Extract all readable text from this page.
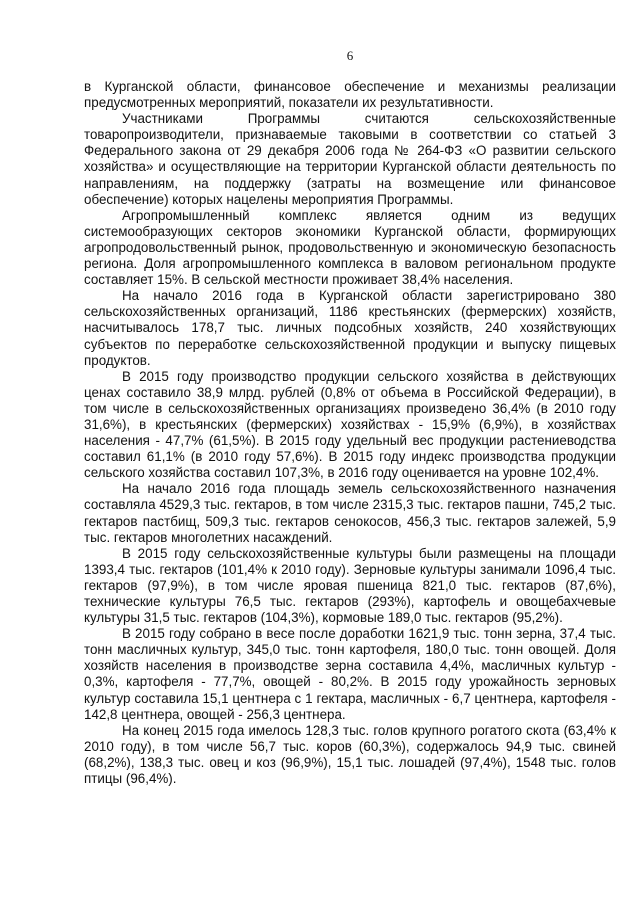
6

в Курганской области, финансовое обеспечение и механизмы реализации предусмотренных мероприятий, показатели их результативности.

Участниками Программы считаются сельскохозяйственные товаропроизводители, признаваемые таковыми в соответствии со статьей 3 Федерального закона от 29 декабря 2006 года № 264-ФЗ «О развитии сельского хозяйства» и осуществляющие на территории Курганской области деятельность по направлениям, на поддержку (затраты на возмещение или финансовое обеспечение) которых нацелены мероприятия Программы.

Агропромышленный комплекс является одним из ведущих системообразующих секторов экономики Курганской области, формирующих агропродовольственный рынок, продовольственную и экономическую безопасность региона. Доля агропромышленного комплекса в валовом региональном продукте составляет 15%. В сельской местности проживает 38,4% населения.

На начало 2016 года в Курганской области зарегистрировано 380 сельскохозяйственных организаций, 1186 крестьянских (фермерских) хозяйств, насчитывалось 178,7 тыс. личных подсобных хозяйств, 240 хозяйствующих субъектов по переработке сельскохозяйственной продукции и выпуску пищевых продуктов.

В 2015 году производство продукции сельского хозяйства в действующих ценах составило 38,9 млрд. рублей (0,8% от объема в Российской Федерации), в том числе в сельскохозяйственных организациях произведено 36,4% (в 2010 году 31,6%), в крестьянских (фермерских) хозяйствах - 15,9% (6,9%), в хозяйствах населения - 47,7% (61,5%). В 2015 году удельный вес продукции растениеводства составил 61,1% (в 2010 году 57,6%). В 2015 году индекс производства продукции сельского хозяйства составил 107,3%, в 2016 году оценивается на уровне 102,4%.

На начало 2016 года площадь земель сельскохозяйственного назначения составляла 4529,3 тыс. гектаров, в том числе 2315,3 тыс. гектаров пашни, 745,2 тыс. гектаров пастбищ, 509,3 тыс. гектаров сенокосов, 456,3 тыс. гектаров залежей, 5,9 тыс. гектаров многолетних насаждений.

В 2015 году сельскохозяйственные культуры были размещены на площади 1393,4 тыс. гектаров (101,4% к 2010 году). Зерновые культуры занимали 1096,4 тыс. гектаров (97,9%), в том числе яровая пшеница 821,0 тыс. гектаров (87,6%), технические культуры 76,5 тыс. гектаров (293%), картофель и овощебахчевые культуры 31,5 тыс. гектаров (104,3%), кормовые 189,0 тыс. гектаров (95,2%).

В 2015 году собрано в весе после доработки 1621,9 тыс. тонн зерна, 37,4 тыс. тонн масличных культур, 345,0 тыс. тонн картофеля, 180,0 тыс. тонн овощей. Доля хозяйств населения в производстве зерна составила 4,4%, масличных культур - 0,3%, картофеля - 77,7%, овощей - 80,2%. В 2015 году урожайность зерновых культур составила 15,1 центнера с 1 гектара, масличных - 6,7 центнера, картофеля - 142,8 центнера, овощей - 256,3 центнера.

На конец 2015 года имелось 128,3 тыс. голов крупного рогатого скота (63,4% к 2010 году), в том числе 56,7 тыс. коров (60,3%), содержалось 94,9 тыс. свиней (68,2%), 138,3 тыс. овец и коз (96,9%), 15,1 тыс. лошадей (97,4%), 1548 тыс. голов птицы (96,4%).
